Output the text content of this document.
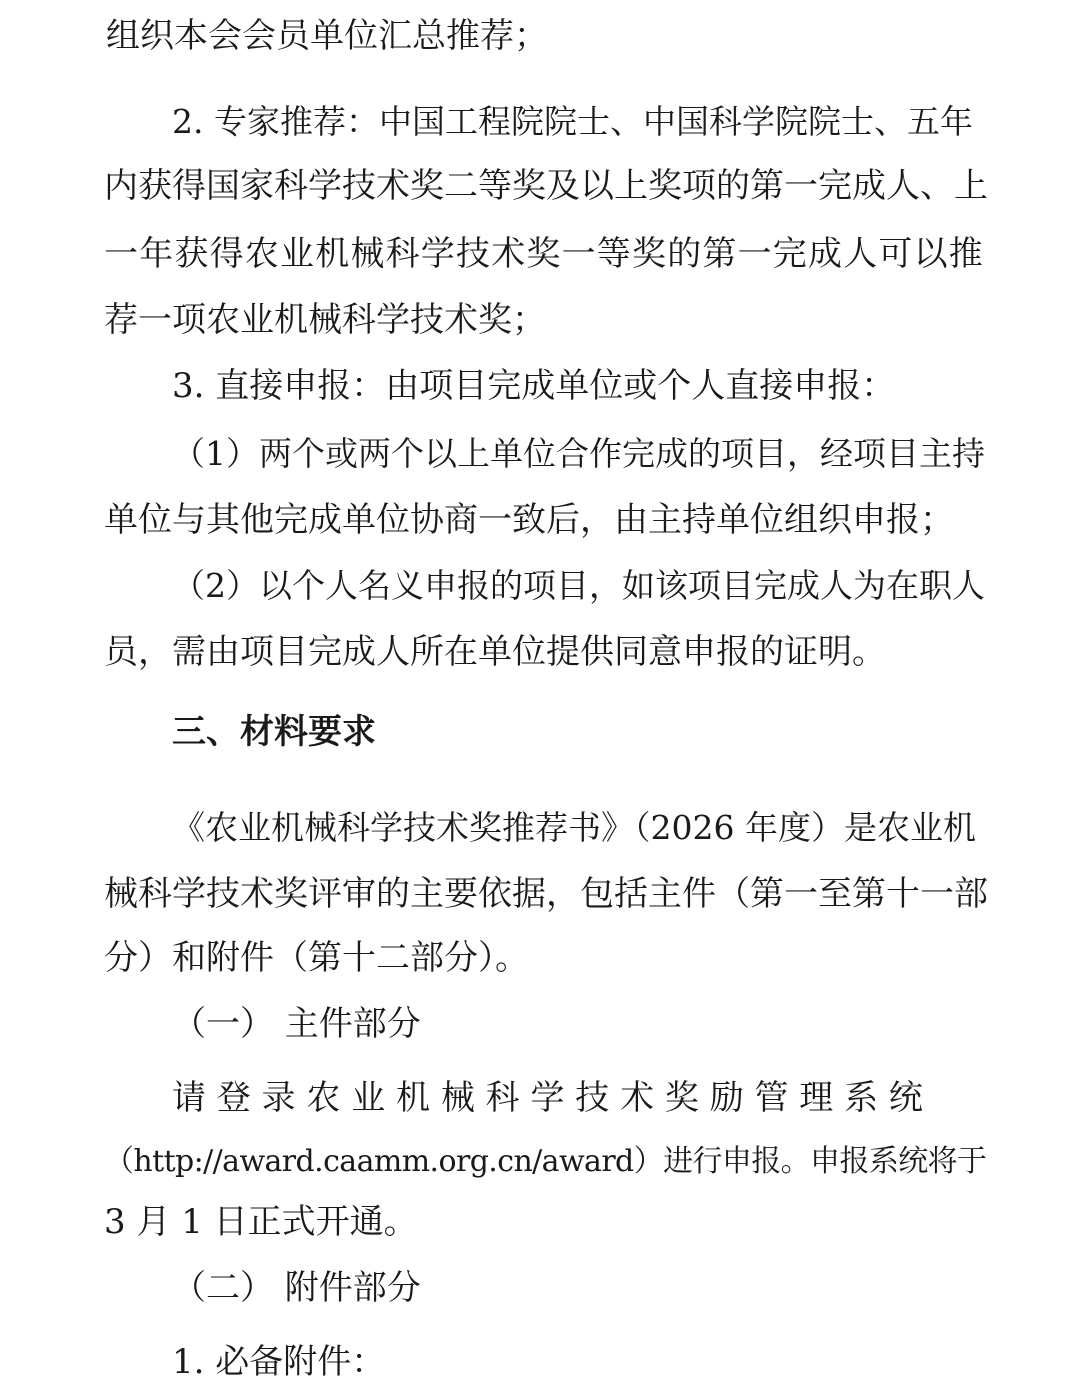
组织本会会员单位汇总推荐；
2. 专家推荐：中国工程院院士、中国科学院院士、五年
内获得国家科学技术奖二等奖及以上奖项的第一完成人、上
一年获得农业机械科学技术奖一等奖的第一完成人可以推
荐一项农业机械科学技术奖；
3. 直接申报：由项目完成单位或个人直接申报：
（1）两个或两个以上单位合作完成的项目，经项目主持
单位与其他完成单位协商一致后，由主持单位组织申报；
（2）以个人名义申报的项目，如该项目完成人为在职人
员，需由项目完成人所在单位提供同意申报的证明。
三、材料要求
《农业机械科学技术奖推荐书》（2026 年度）是农业机
械科学技术奖评审的主要依据，包括主件（第一至第十一部
分）和附件（第十二部分）。
（一） 主件部分
请 登 录 农 业 机 械 科 学 技 术 奖 励 管 理 系 统
（http://award.caamm.org.cn/award）进行申报。申报系统将于
3 月 1 日正式开通。
（二） 附件部分
1. 必备附件：
